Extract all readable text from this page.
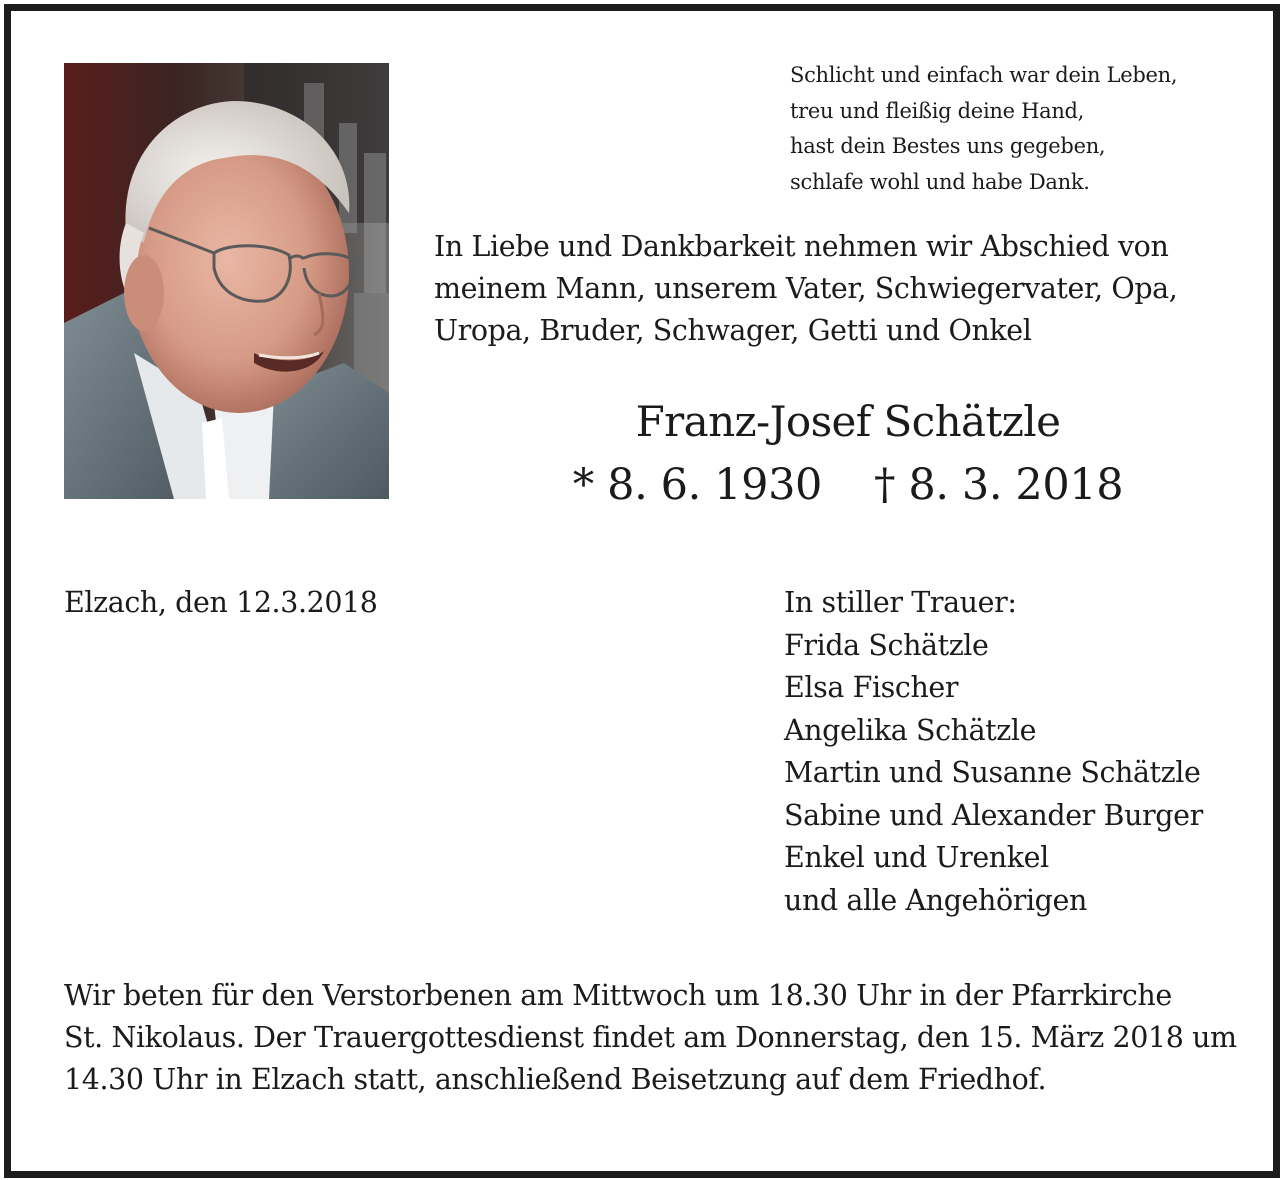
Schlicht und einfach war dein Leben,
treu und fleißig deine Hand,
hast dein Bestes uns gegeben,
schlafe wohl und habe Dank.
In Liebe und Dankbarkeit nehmen wir Abschied von
meinem Mann, unserem Vater, Schwiegervater, Opa,
Uropa, Bruder, Schwager, Getti und Onkel
Franz-Josef Schätzle
* 8. 6. 1930 † 8. 3. 2018
Elzach, den 12.3.2018	In stiller Trauer:
Frida Schätzle
Elsa Fischer
Angelika Schätzle
Martin und Susanne Schätzle
Sabine und Alexander Burger
Enkel und Urenkel
und alle Angehörigen
Wir beten für den Verstorbenen am Mittwoch um 18.30 Uhr in der Pfarrkirche
St. Nikolaus. Der Trauergottesdienst findet am Donnerstag, den 15. März 2018 um
14.30 Uhr in Elzach statt, anschließend Beisetzung auf dem Friedhof.
